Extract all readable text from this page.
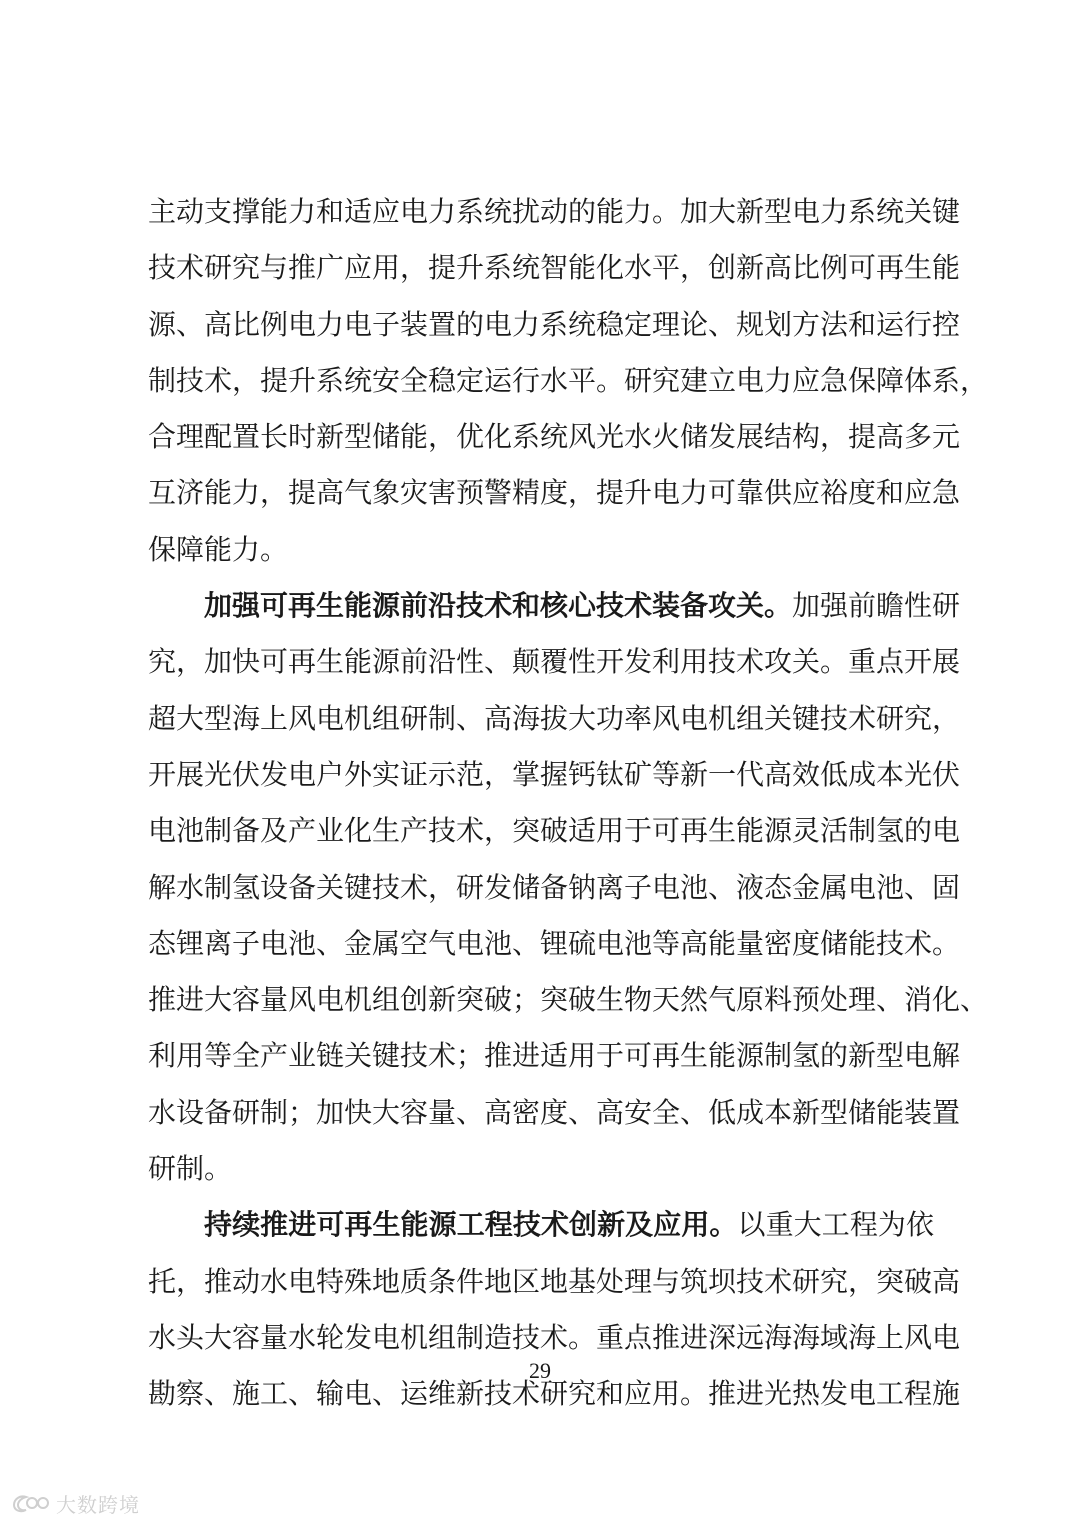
主动支撑能力和适应电力系统扰动的能力。加大新型电力系统关键
技术研究与推广应用，提升系统智能化水平，创新高比例可再生能
源、高比例电力电子装置的电力系统稳定理论、规划方法和运行控
制技术，提升系统安全稳定运行水平。研究建立电力应急保障体系，
合理配置长时新型储能，优化系统风光水火储发展结构，提高多元
互济能力，提高气象灾害预警精度，提升电力可靠供应裕度和应急
保障能力。
加强可再生能源前沿技术和核心技术装备攻关。加强前瞻性研
究，加快可再生能源前沿性、颠覆性开发利用技术攻关。重点开展
超大型海上风电机组研制、高海拔大功率风电机组关键技术研究，
开展光伏发电户外实证示范，掌握钙钛矿等新一代高效低成本光伏
电池制备及产业化生产技术，突破适用于可再生能源灵活制氢的电
解水制氢设备关键技术，研发储备钠离子电池、液态金属电池、固
态锂离子电池、金属空气电池、锂硫电池等高能量密度储能技术。
推进大容量风电机组创新突破；突破生物天然气原料预处理、消化、
利用等全产业链关键技术；推进适用于可再生能源制氢的新型电解
水设备研制；加快大容量、高密度、高安全、低成本新型储能装置
研制。
持续推进可再生能源工程技术创新及应用。以重大工程为依
托，推动水电特殊地质条件地区地基处理与筑坝技术研究，突破高
水头大容量水轮发电机组制造技术。重点推进深远海海域海上风电
勘察、施工、输电、运维新技术研究和应用。推进光热发电工程施
29
大数跨境
